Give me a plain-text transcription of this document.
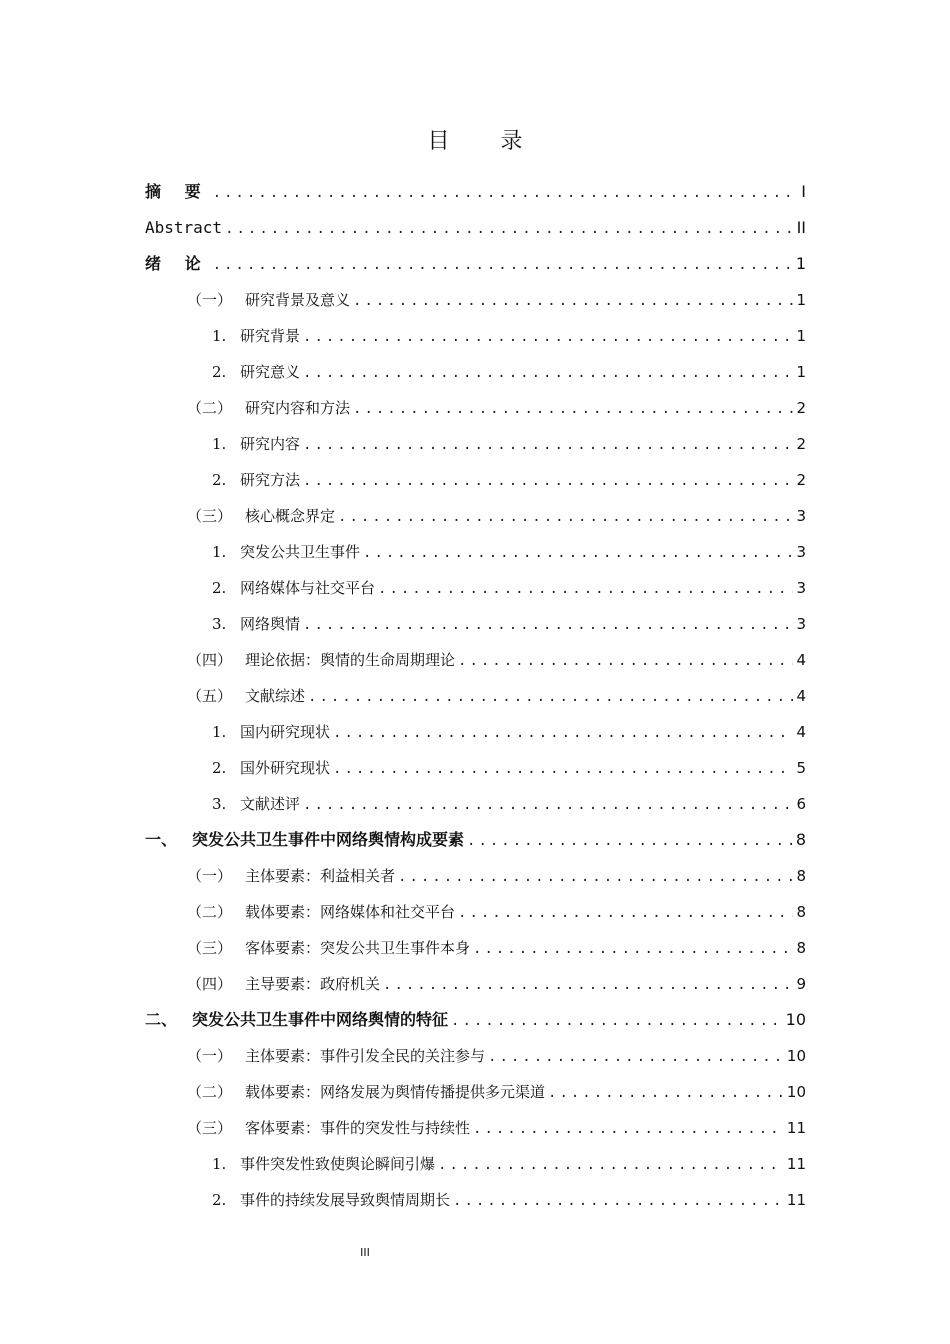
目 录
摘 要 .....	I
Abstract .....	II
绪 论 .....	1
（一） 研究背景及意义 .....	1
1. 研究背景 .....	1
2. 研究意义 .....	1
（二） 研究内容和方法 .....	2
1. 研究内容 .....	2
2. 研究方法 .....	2
（三） 核心概念界定 .....	3
1. 突发公共卫生事件 .....	3
2. 网络媒体与社交平台 .....	3
3. 网络舆情 .....	3
（四） 理论依据：舆情的生命周期理论 .....	4
（五） 文献综述 .....	4
1. 国内研究现状 .....	4
2. 国外研究现状 .....	5
3. 文献述评 .....	6
一、 突发公共卫生事件中网络舆情构成要素 .....	8
（一） 主体要素：利益相关者 .....	8
（二） 载体要素：网络媒体和社交平台 .....	8
（三） 客体要素：突发公共卫生事件本身 .....	8
（四） 主导要素：政府机关 .....	9
二、 突发公共卫生事件中网络舆情的特征 .....	10
（一） 主体要素：事件引发全民的关注参与 .....	10
（二） 载体要素：网络发展为舆情传播提供多元渠道 .....	10
（三） 客体要素：事件的突发性与持续性 .....	11
1. 事件突发性致使舆论瞬间引爆 .....	11
2. 事件的持续发展导致舆情周期长 .....	11
III
